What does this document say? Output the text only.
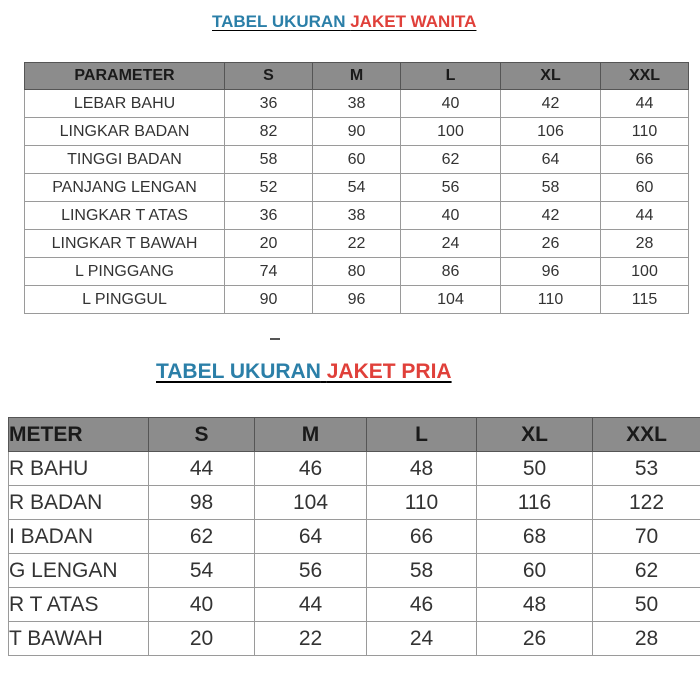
TABEL UKURAN JAKET WANITA
PARAMETER	S	M	L	XL	XXL
LEBAR BAHU	36	38	40	42	44
LINGKAR BADAN	82	90	100	106	110
TINGGI BADAN	58	60	62	64	66
PANJANG LENGAN	52	54	56	58	60
LINGKAR T ATAS	36	38	40	42	44
LINGKAR T BAWAH	20	22	24	26	28
L PINGGANG	74	80	86	96	100
L PINGGUL	90	96	104	110	115
TABEL UKURAN JAKET PRIA
METER	S	M	L	XL	XXL
R BAHU	44	46	48	50	53
R BADAN	98	104	110	116	122
I BADAN	62	64	66	68	70
G LENGAN	54	56	58	60	62
R T ATAS	40	44	46	48	50
T BAWAH	20	22	24	26	28
